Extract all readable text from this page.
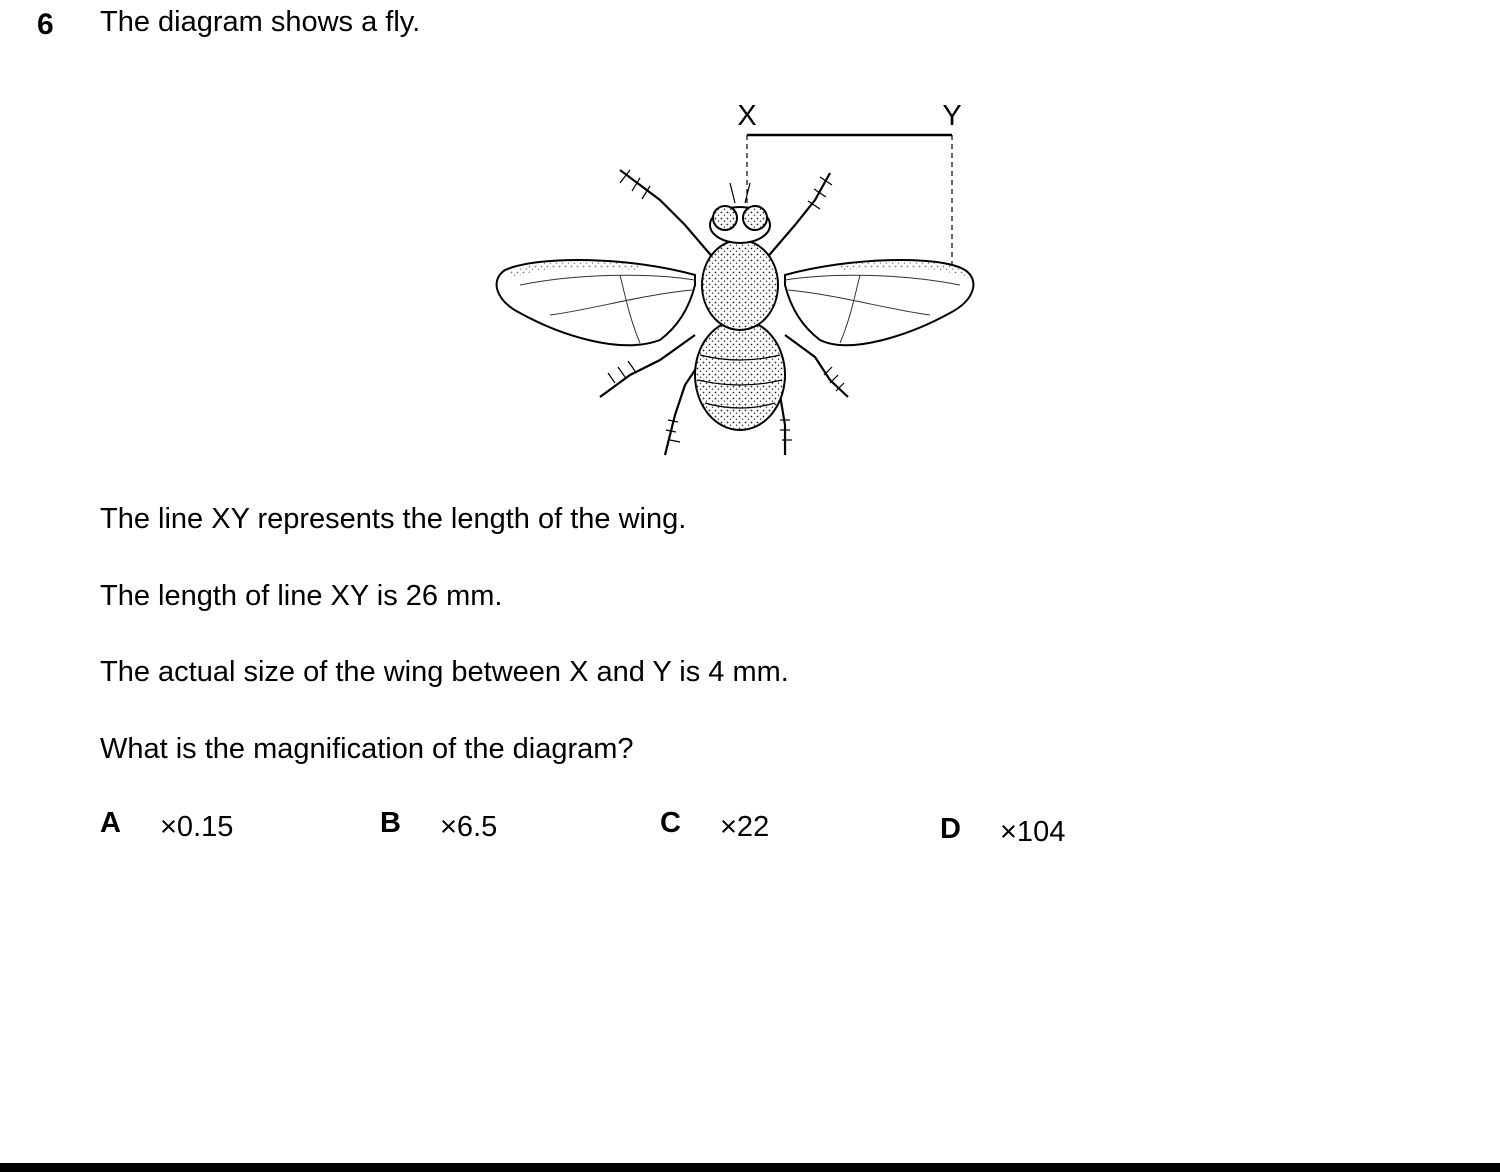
6 The diagram shows a fly.
X	Y
The line XY represents the length of the wing.
The length of line XY is 26 mm.
The actual size of the wing between X and Y is 4 mm.
What is the magnification of the diagram?
A ×0.15	B ×6.5	C ×22	D ×104
